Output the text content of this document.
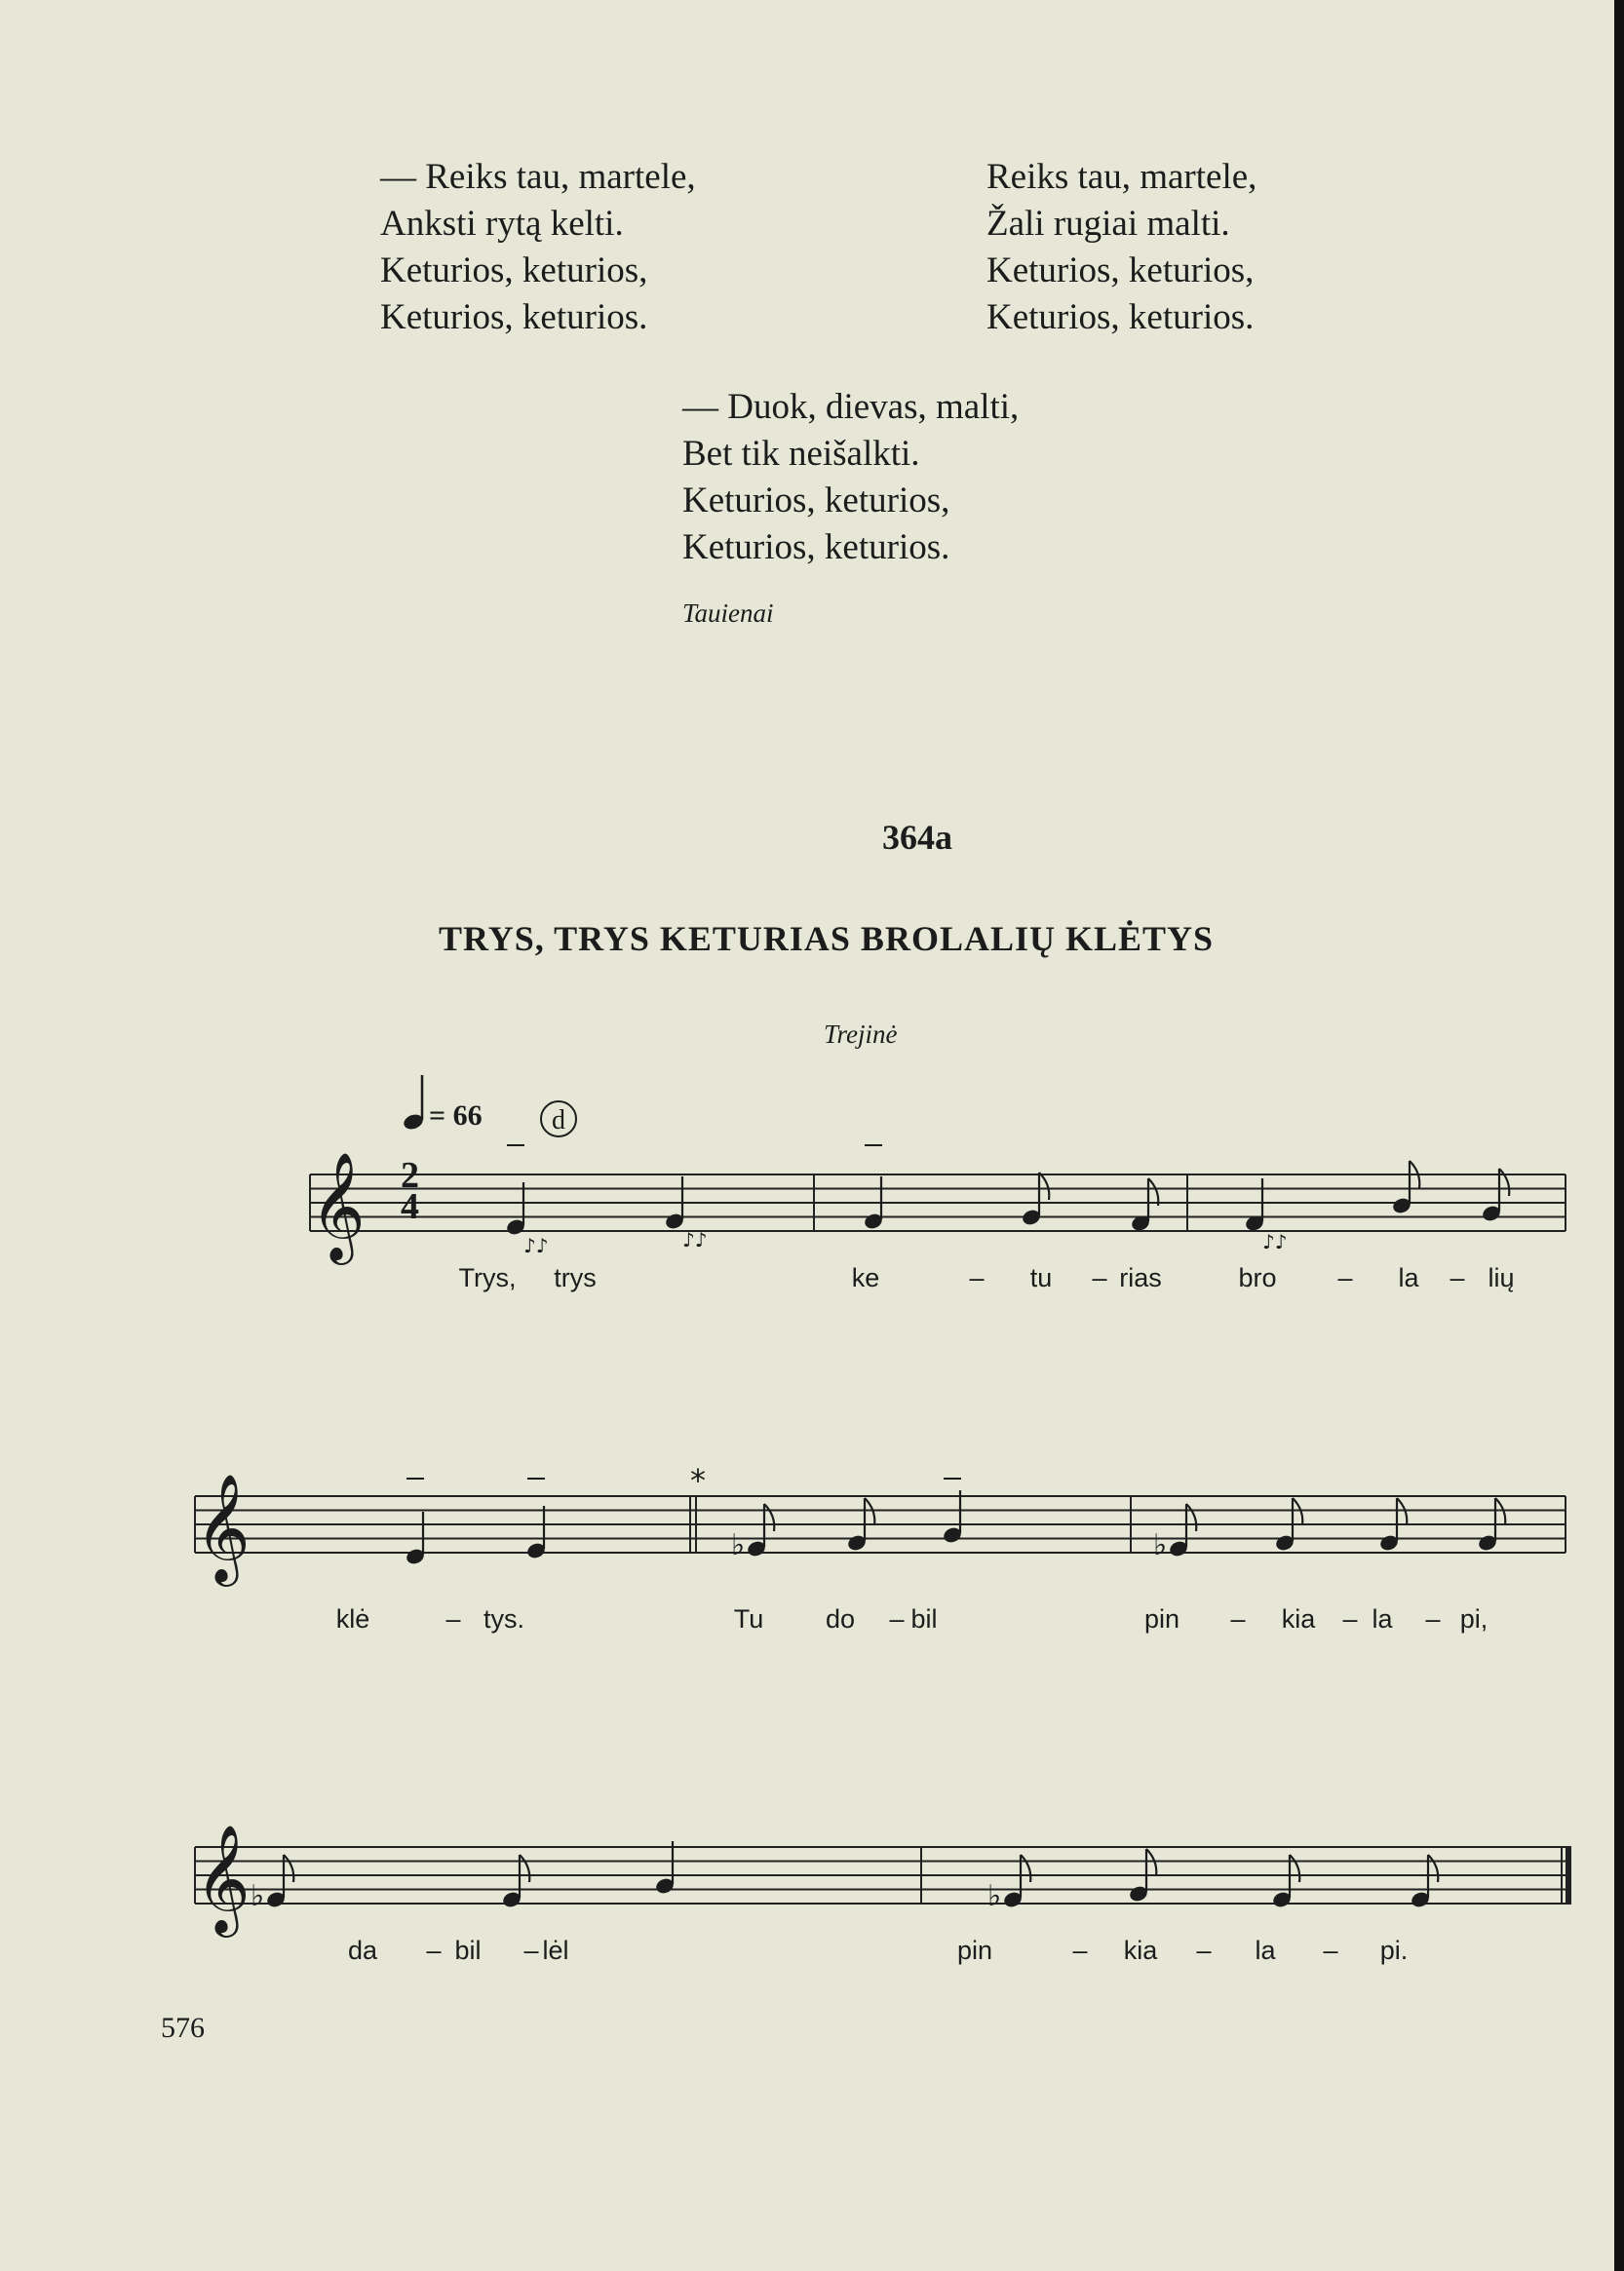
— Reiks tau, martele,
Anksti rytą kelti.
Keturios, keturios,
Keturios, keturios.
Reiks tau, martele,
Žali rugiai malti.
Keturios, keturios,
Keturios, keturios.
— Duok, dievas, malti,
Bet tik neišalkti.
Keturios, keturios,
Keturios, keturios.
Tauienai
364a
TRYS, TRYS KETURIAS BROLALIŲ KLĖTYS
Trejinė
= 66
♪♪	♪♪	♪♪
♭	♭
♭	♭
Trys, trys	ke	– tu – rias	bro – la – lių
klė	– tys.	Tu do – bil	pin – kia – la – pi,
da – bil – lėl	pin	– kia – la – pi.
d
𝄞
𝄞
𝄞
2
4
*
576
